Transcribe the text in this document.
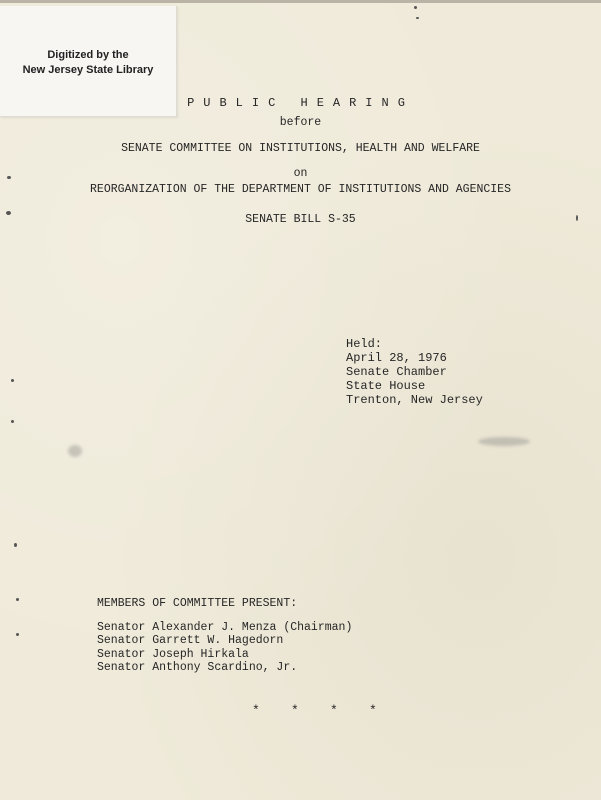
Digitized by the

New Jersey State Library

PUBLIC HEARING

before

SENATE COMMITTEE ON INSTITUTIONS, HEALTH AND WELFARE

on

REORGANIZATION OF THE DEPARTMENT OF INSTITUTIONS AND AGENCIES

SENATE BILL S-35

Held:
April 28, 1976
Senate Chamber
State House
Trenton, New Jersey
MEMBERS OF COMMITTEE PRESENT:
Senator Alexander J. Menza (Chairman)
Senator Garrett W. Hagedorn
Senator Joseph Hirkala
Senator Anthony Scardino, Jr.
*    *    *    *
